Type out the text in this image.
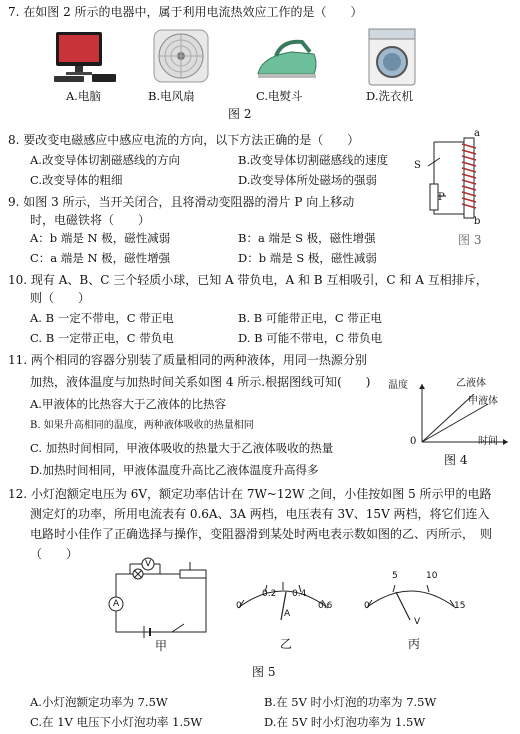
7. 在如图 2 所示的电器中，属于利用电流热效应工作的是（　　）
A.电脑	B.电风扇	C.电熨斗	D.洗衣机
图 2
8. 要改变电磁感应中感应电流的方向，以下方法正确的是（　　）
A.改变导体切割磁感线的方向	B.改变导体切割磁感线的速度
C.改变导体的粗细	D.改变导体所处磁场的强弱
a
b
S
P
图 3
9. 如图 3 所示，当开关闭合，且将滑动变阻器的滑片 P 向上移动
时，电磁铁将（　　）
A：b 端是 N 极，磁性减弱	B：a 端是 S 极，磁性增强
C：a 端是 N 极，磁性增强	D：b 端是 S 极，磁性减弱
10. 现有 A、B、C 三个轻质小球，已知 A 带负电，A 和 B 互相吸引，C 和 A 互相排斥，
则（　　）
A. B 一定不带电，C 带正电	B. B 可能带正电，C 带正电
C. B 一定带正电，C 带负电	D. B 可能不带电，C 带负电
11. 两个相同的容器分别装了质量相同的两种液体，用同一热源分别
加热，液体温度与加热时间关系如图 4 所示.根据图线可知(　　)
A.甲液体的比热容大于乙液体的比热容
B. 如果升高相同的温度，两种液体吸收的热量相同
C. 加热时间相同，甲液体吸收的热量大于乙液体吸收的热量
D.加热时间相同，甲液体温度升高比乙液体温度升高得多
温度
时间
0
乙液体
甲液体
图 4
12. 小灯泡额定电压为 6V，额定功率估计在 7W~12W 之间，小佳按如图 5 所示甲的电路
测定灯的功率，所用电流表有 0.6A、3A 两档，电压表有 3V、15V 两档，将它们连入
电路时小佳作了正确选择与操作，变阻器滑到某处时两电表示数如图的乙、丙所示，　则
（　　）
V
A
甲
0
0.2 0.4
0.6
A
乙
0
5	10
15
V
丙
图 5
A.小灯泡额定功率为 7.5W	B.在 5V 时小灯泡的功率为 7.5W
C.在 1V 电压下小灯泡功率 1.5W	D.在 5V 时小灯泡功率为 1.5W
